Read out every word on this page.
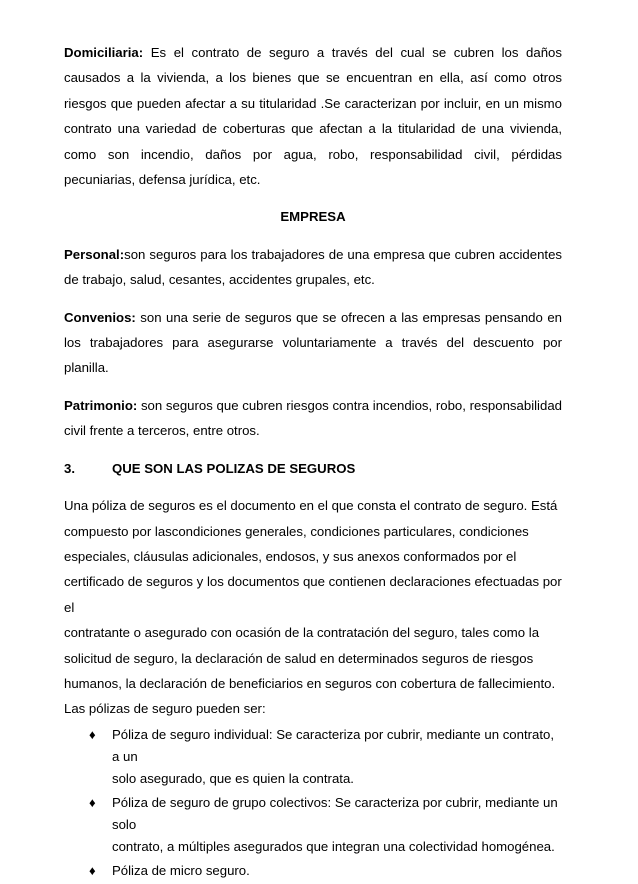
Domiciliaria: Es el contrato de seguro a través del cual se cubren los daños causados a la vivienda, a los bienes que se encuentran en ella, así como otros riesgos que pueden afectar a su titularidad .Se caracterizan por incluir, en un mismo contrato una variedad de coberturas que afectan a la titularidad de una vivienda, como son incendio, daños por agua, robo, responsabilidad civil, pérdidas pecuniarias, defensa jurídica, etc.

EMPRESA

Personal:son seguros para los trabajadores de una empresa que cubren accidentes de trabajo, salud, cesantes, accidentes grupales, etc.

Convenios: son una serie de seguros que se ofrecen a las empresas pensando en los trabajadores para asegurarse voluntariamente a través del descuento por planilla.

Patrimonio: son seguros que cubren riesgos contra incendios, robo, responsabilidad civil frente a terceros, entre otros.

3.	QUE SON LAS POLIZAS DE SEGUROS
Una póliza de seguros es el documento en el que consta el contrato de seguro. Está
compuesto por lascondiciones generales, condiciones particulares, condiciones
especiales, cláusulas adicionales, endosos, y sus anexos conformados por el
certificado de seguros y los documentos que contienen declaraciones efectuadas por el
contratante o asegurado con ocasión de la contratación del seguro, tales como la
solicitud de seguro, la declaración de salud en determinados seguros de riesgos
humanos, la declaración de beneficiarios en seguros con cobertura de fallecimiento.
Las pólizas de seguro pueden ser:
♦ Póliza de seguro individual: Se caracteriza por cubrir, mediante un contrato, a un
solo asegurado, que es quien la contrata.
♦ Póliza de seguro de grupo colectivos: Se caracteriza por cubrir, mediante un solo
contrato, a múltiples asegurados que integran una colectividad homogénea.
♦ Póliza de micro seguro.
